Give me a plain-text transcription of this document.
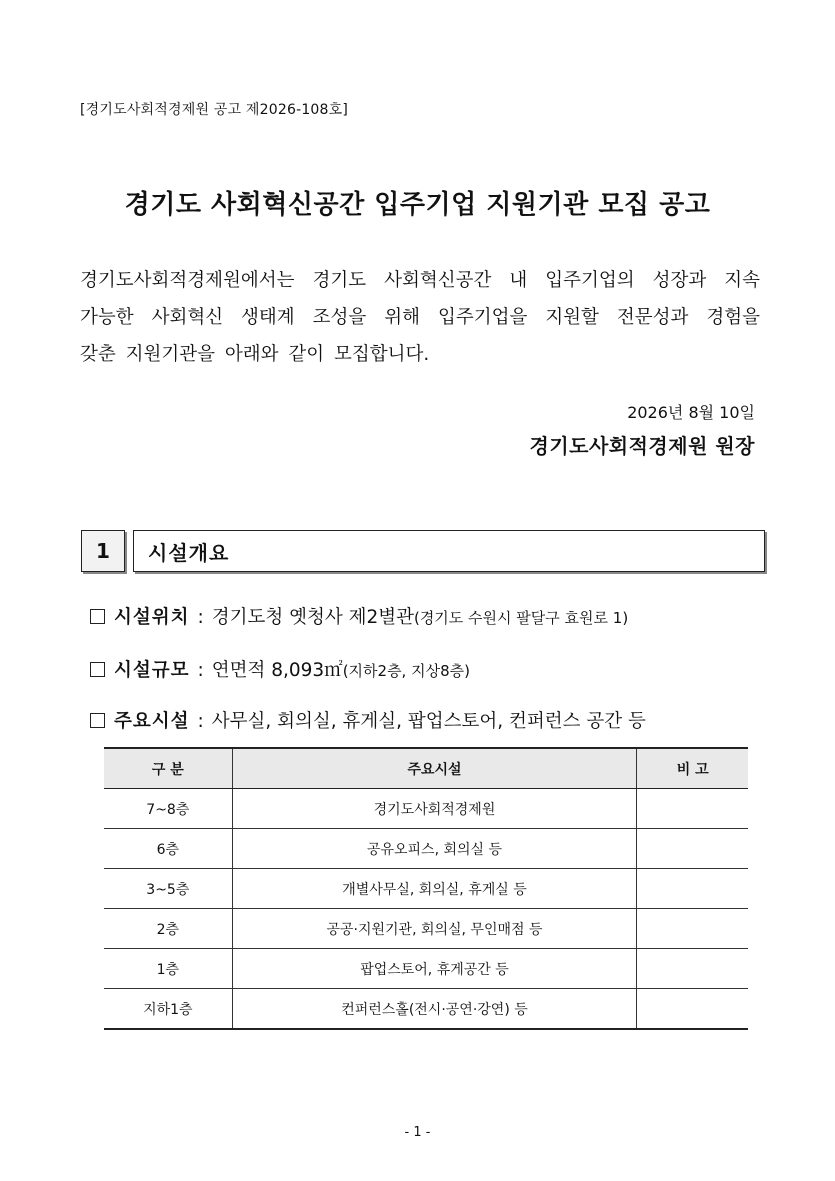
[경기도사회적경제원 공고 제2026-108호]
경기도 사회혁신공간 입주기업 지원기관 모집 공고
경기도사회적경제원에서는 경기도 사회혁신공간 내 입주기업의 성장과 지속
가능한 사회혁신 생태계 조성을 위해 입주기업을 지원할 전문성과 경험을
갖춘 지원기관을 아래와 같이 모집합니다.
2026년 8월 10일
경기도사회적경제원 원장
1	시설개요
시설위치 : 경기도청 옛청사 제2별관(경기도 수원시 팔달구 효원로 1)
시설규모 : 연면적 8,093㎡(지하2층, 지상8층)
주요시설 : 사무실, 회의실, 휴게실, 팝업스토어, 컨퍼런스 공간 등
구 분	주요시설	비 고
7~8층	경기도사회적경제원	
6층	공유오피스, 회의실 등	
3~5층	개별사무실, 회의실, 휴게실 등	
2층	공공·지원기관, 회의실, 무인매점 등	
1층	팝업스토어, 휴게공간 등	
지하1층	컨퍼런스홀(전시·공연·강연) 등	
- 1 -
